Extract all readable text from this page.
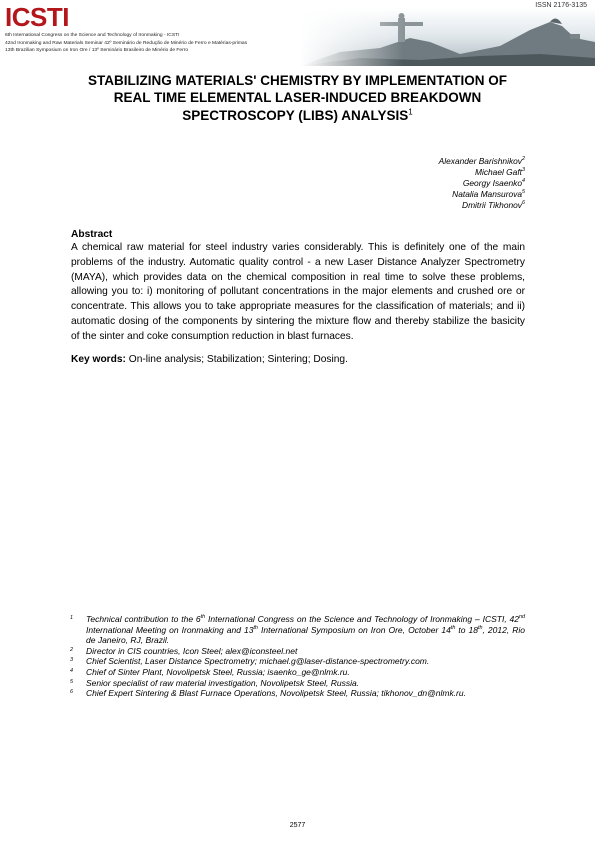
ICSTI
6th International Congress on the Science and Technology of Ironmaking - ICSTI
42nd Ironmaking and Raw Materials Seminar 42º Seminário de Redução de Minério de Ferro e Matérias-primas
13th Brazilian Symposium on Iron Ore / 13º Seminário Brasileiro de Minério de Ferro
ISSN 2176-3135
STABILIZING MATERIALS' CHEMISTRY BY IMPLEMENTATION OF REAL TIME ELEMENTAL LASER-INDUCED BREAKDOWN SPECTROSCOPY (LIBS) ANALYSIS$^1$
Alexander Barishnikov$^2$
Michael Gaft$^3$
Georgy Isaenko$^4$
Natalia Mansurova$^5$
Dmitrii Tikhonov$^6$
Abstract
A chemical raw material for steel industry varies considerably. This is definitely one of the main problems of the industry. Automatic quality control - a new Laser Distance Analyzer Spectrometry (MAYA), which provides data on the chemical composition in real time to solve these problems, allowing you to: i) monitoring of pollutant concentrations in the major elements and crushed ore or concentrate. This allows you to take appropriate measures for the classification of materials; and ii) automatic dosing of the components by sintering the mixture flow and thereby stabilize the basicity of the sinter and coke consumption reduction in blast furnaces.
Key words: On-line analysis; Stabilization; Sintering; Dosing.
1	Technical contribution to the 6th International Congress on the Science and Technology of Ironmaking – ICSTI, 42nd International Meeting on Ironmaking and 13th International Symposium on Iron Ore, October 14th to 18th, 2012, Rio de Janeiro, RJ, Brazil.
2	Director in CIS countries, Icon Steel; alex@iconsteel.net
3	Chief Scientist, Laser Distance Spectrometry; michael.g@laser-distance-spectrometry.com.
4	Chief of Sinter Plant, Novolipetsk Steel, Russia; isaenko_ge@nlmk.ru.
5	Senior specialist of raw material investigation, Novolipetsk Steel, Russia.
6	Chief Expert Sintering & Blast Furnace Operations, Novolipetsk Steel, Russia; tikhonov_dn@nlmk.ru.
2577
